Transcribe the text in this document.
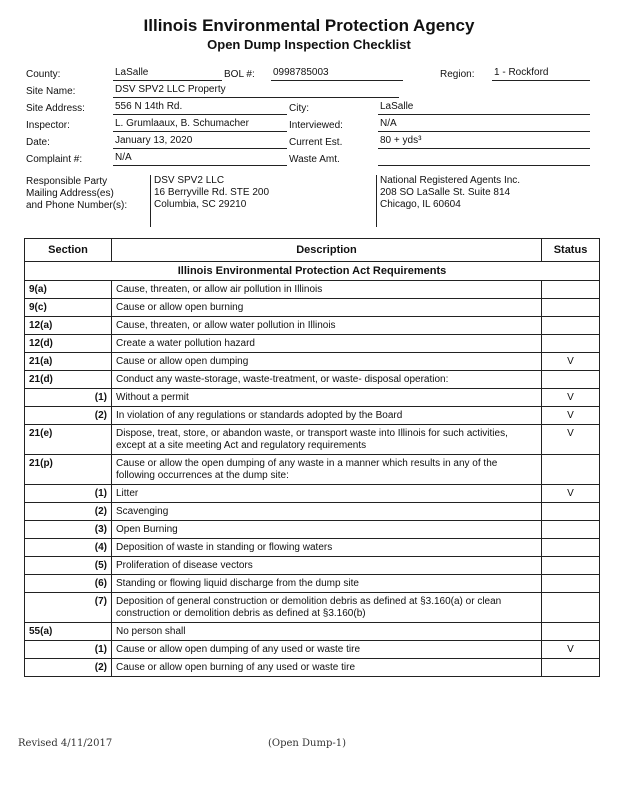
Illinois Environmental Protection Agency
Open Dump Inspection Checklist
County:	LaSalle	BOL #: 0998785003	Region: 1 - Rockford
Site Name:	DSV SPV2 LLC Property
Site Address:	556 N 14th Rd.	City:	LaSalle
Inspector:	L. Grumlaaux, B. Schumacher	Interviewed:	N/A
Date:	January 13, 2020	Current Est.	80 + yds³
Complaint #:	N/A	Waste Amt.
Responsible Party
Mailing Address(es)
and Phone Number(s):
DSV SPV2 LLC
16 Berryville Rd. STE 200
Columbia, SC 29210
National Registered Agents Inc.
208 SO LaSalle St. Suite 814
Chicago, IL 60604
Section	Description	Status
Illinois Environmental Protection Act Requirements		
9(a)	Cause, threaten, or allow air pollution in Illinois	
9(c)	Cause or allow open burning	
12(a)	Cause, threaten, or allow water pollution in Illinois	
12(d)	Create a water pollution hazard	
21(a)	Cause or allow open dumping	V
21(d)	Conduct any waste-storage, waste-treatment, or waste- disposal operation:	
(1)	Without a permit	V
(2)	In violation of any regulations or standards adopted by the Board	V
21(e)	Dispose, treat, store, or abandon waste, or transport waste into Illinois for such activities, except at a site meeting Act and regulatory requirements	V
21(p)	Cause or allow the open dumping of any waste in a manner which results in any of the following occurrences at the dump site:	
(1)	Litter	V
(2)	Scavenging	
(3)	Open Burning	
(4)	Deposition of waste in standing or flowing waters	
(5)	Proliferation of disease vectors	
(6)	Standing or flowing liquid discharge from the dump site	
(7)	Deposition of general construction or demolition debris as defined at §3.160(a) or clean construction or demolition debris as defined at §3.160(b)	
55(a)	No person shall	
(1)	Cause or allow open dumping of any used or waste tire	V
(2)	Cause or allow open burning of any used or waste tire	
Revised 4/11/2017	(Open Dump-1)
